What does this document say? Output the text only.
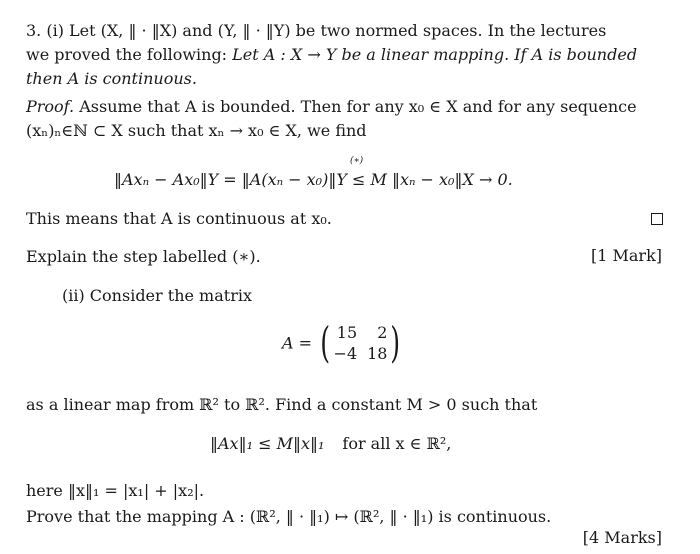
3. (i) Let (X, ‖ · ‖X) and (Y, ‖ · ‖Y) be two normed spaces. In the lectures
we proved the following: Let A : X → Y be a linear mapping. If A is bounded
then A is continuous.
Proof. Assume that A is bounded. Then for any x₀ ∈ X and for any sequence
(xₙ)ₙ∈ℕ ⊂ X such that xₙ → x₀ ∈ X, we find
‖Axₙ − Ax₀‖Y = ‖A(xₙ − x₀)‖Y
(∗)
≤ M ‖xₙ − x₀‖X → 0.
This means that A is continuous at x₀.
Explain the step labelled (∗).	[1 Mark]
(ii) Consider the matrix
A = ( 15	2
−4 18 )
as a linear map from ℝ² to ℝ². Find a constant M > 0 such that
‖Ax‖₁ ≤ M‖x‖₁ for all x ∈ ℝ²,
here ‖x‖₁ = |x₁| + |x₂|.
Prove that the mapping A : (ℝ², ‖ · ‖₁) ↦ (ℝ², ‖ · ‖₁) is continuous.
[4 Marks]
